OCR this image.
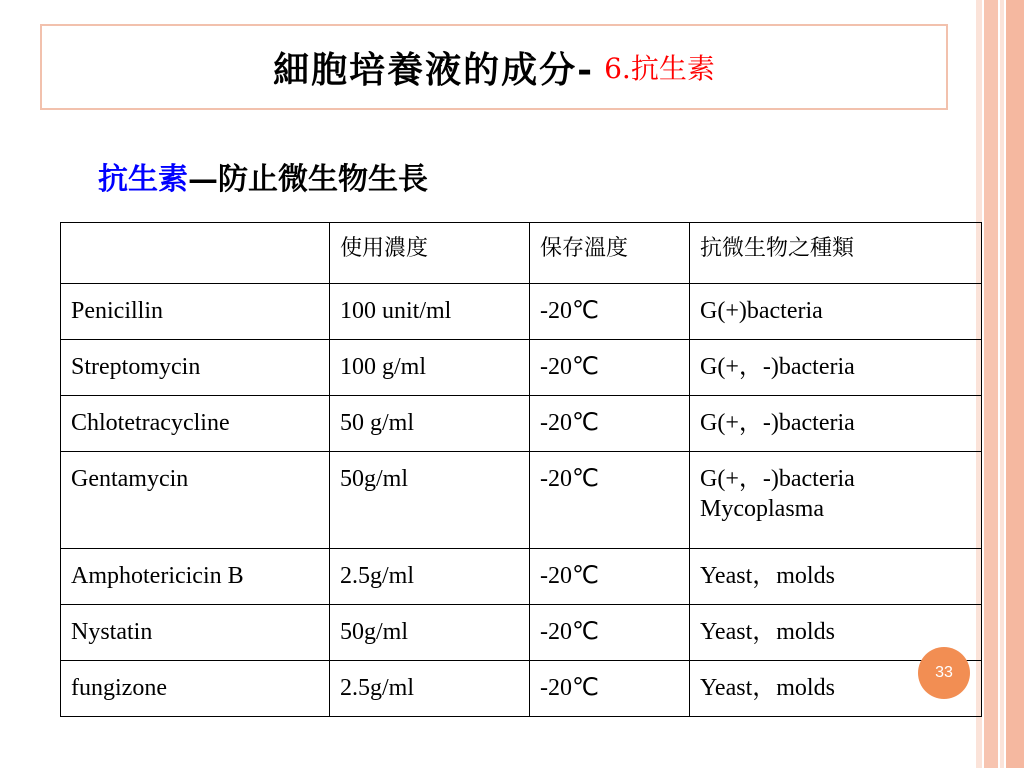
細胞培養液的成分- 6.抗生素
抗生素—防止微生物生長
	使用濃度	保存溫度	抗微生物之種類
Penicillin	100 unit/ml	-20℃	G(+)bacteria
Streptomycin	100 g/ml	-20℃	G(+，-)bacteria
Chlotetracycline	50 g/ml	-20℃	G(+，-)bacteria
Gentamycin	50g/ml	-20℃	G(+，-)bacteria
Mycoplasma
Amphotericicin B	2.5g/ml	-20℃	Yeast，molds
Nystatin	50g/ml	-20℃	Yeast，molds
fungizone	2.5g/ml	-20℃	Yeast，molds
33
